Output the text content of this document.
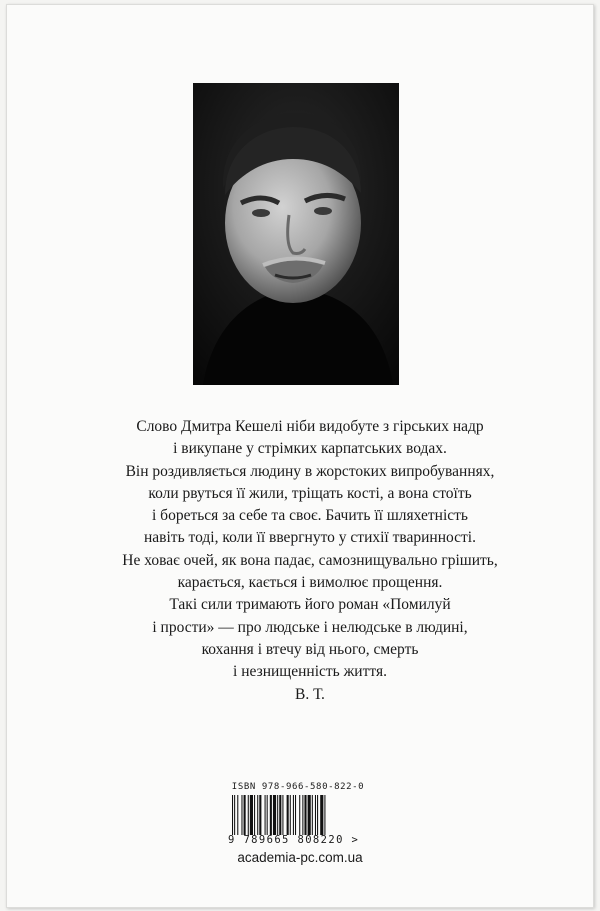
Слово Дмитра Кешелі ніби видобуте з гірських надр

і викупане у стрімких карпатських водах.

Він роздивляється людину в жорстоких випробуваннях,

коли рвуться її жили, тріщать кості, а вона стоїть

і бореться за себе та своє. Бачить її шляхетність

навіть тоді, коли її ввергнуто у стихії тваринності.

Не ховає очей, як вона падає, самознищувально грішить,

карається, кається і вимолює прощення.

Такі сили тримають його роман «Помилуй

і прости» — про людське і нелюдське в людині,

кохання і втечу від нього, смерть

і незнищенність життя.

В. Т.

ISBN 978-966-580-822-0
9 789665 808220 >
academia-pc.com.ua
